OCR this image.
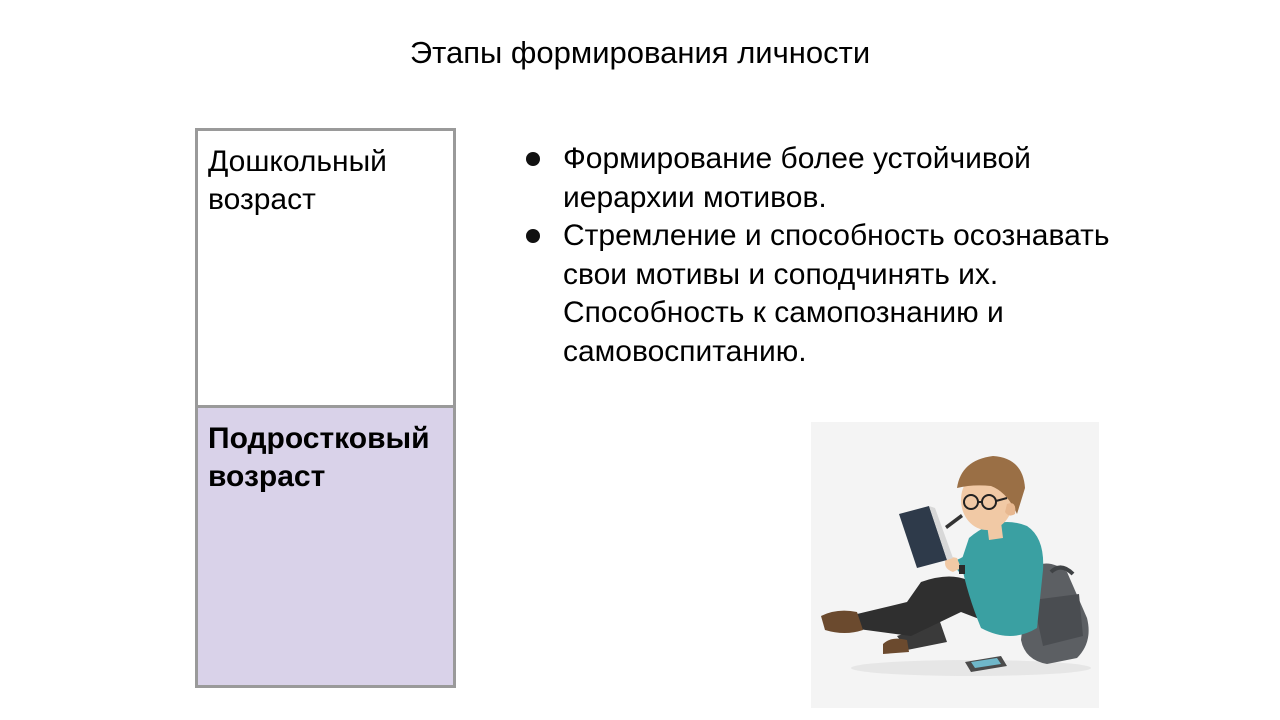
Этапы формирования личности
Дошкольный возраст
Подростковый возраст
Формирование более устойчивой иерархии мотивов.
Стремление и способность осознавать свои мотивы и соподчинять их. Способность к самопознанию и самовоспитанию.
